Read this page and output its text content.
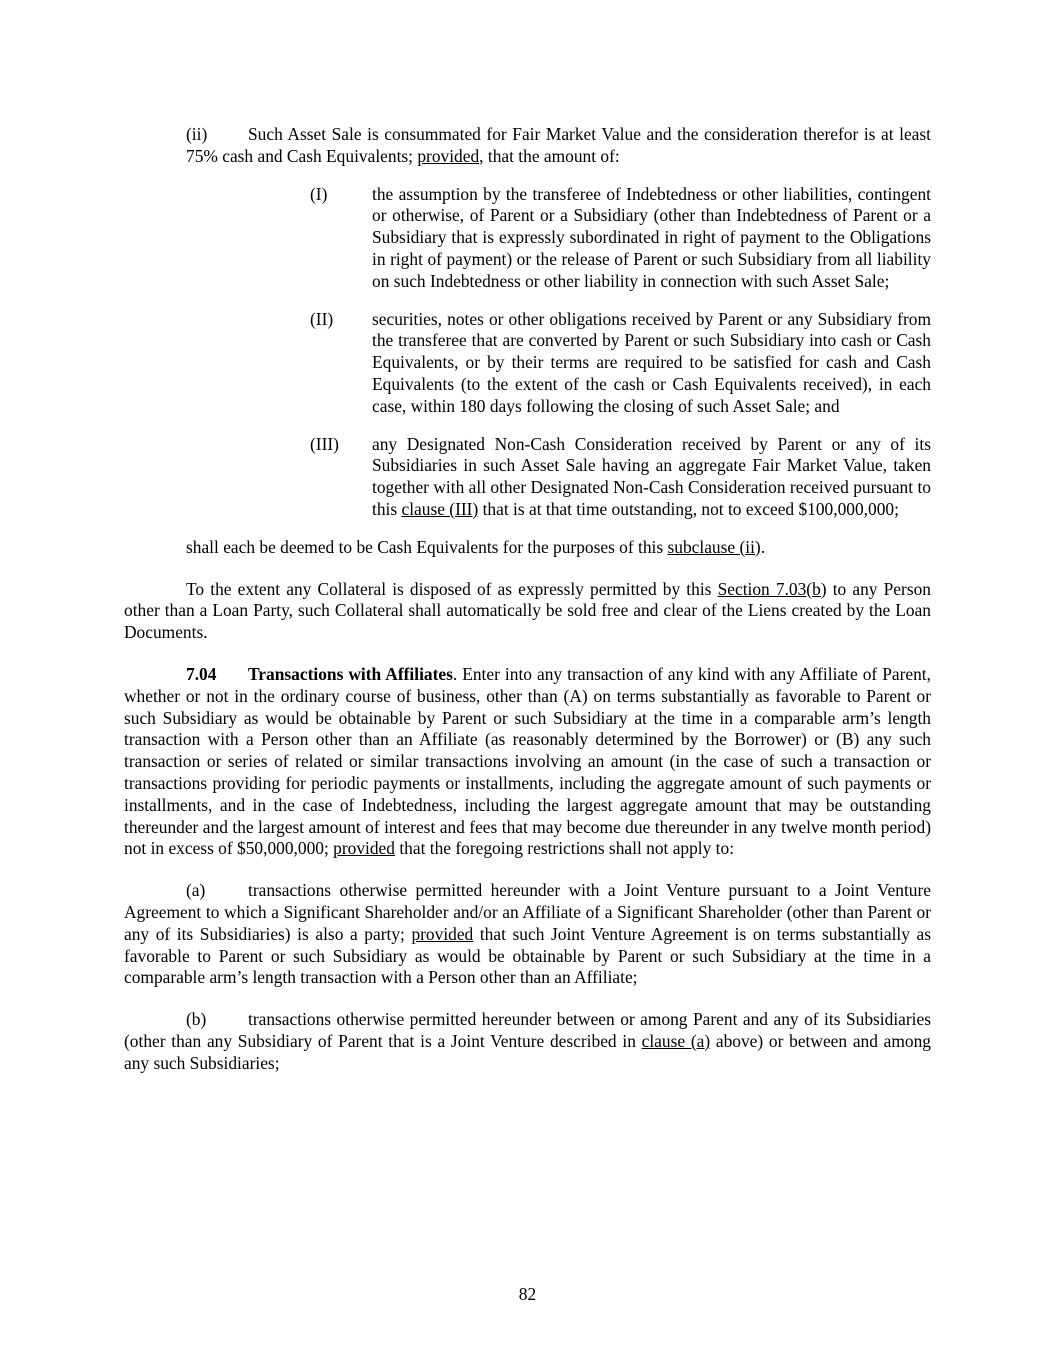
(ii) Such Asset Sale is consummated for Fair Market Value and the consideration therefor is at least 75% cash and Cash Equivalents; provided, that the amount of:

(I)	the assumption by the transferee of Indebtedness or other liabilities, contingent or otherwise, of Parent or a Subsidiary (other than Indebtedness of Parent or a Subsidiary that is expressly subordinated in right of payment to the Obligations in right of payment) or the release of Parent or such Subsidiary from all liability on such Indebtedness or other liability in connection with such Asset Sale;

(II) securities, notes or other obligations received by Parent or any Subsidiary from the transferee that are converted by Parent or such Subsidiary into cash or Cash Equivalents, or by their terms are required to be satisfied for cash and Cash Equivalents (to the extent of the cash or Cash Equivalents received), in each case, within 180 days following the closing of such Asset Sale; and

(III) any Designated Non-Cash Consideration received by Parent or any of its Subsidiaries in such Asset Sale having an aggregate Fair Market Value, taken together with all other Designated Non-Cash Consideration received pursuant to this clause (III) that is at that time outstanding, not to exceed $100,000,000;

shall each be deemed to be Cash Equivalents for the purposes of this subclause (ii).

To the extent any Collateral is disposed of as expressly permitted by this Section 7.03(b) to any Person other than a Loan Party, such Collateral shall automatically be sold free and clear of the Liens created by the Loan Documents.

7.04 Transactions with Affiliates. Enter into any transaction of any kind with any Affiliate of Parent, whether or not in the ordinary course of business, other than (A) on terms substantially as favorable to Parent or such Subsidiary as would be obtainable by Parent or such Subsidiary at the time in a comparable arm’s length transaction with a Person other than an Affiliate (as reasonably determined by the Borrower) or (B) any such transaction or series of related or similar transactions involving an amount (in the case of such a transaction or transactions providing for periodic payments or installments, including the aggregate amount of such payments or installments, and in the case of Indebtedness, including the largest aggregate amount that may be outstanding thereunder and the largest amount of interest and fees that may become due thereunder in any twelve month period) not in excess of $50,000,000; provided that the foregoing restrictions shall not apply to:

(a) transactions otherwise permitted hereunder with a Joint Venture pursuant to a Joint Venture Agreement to which a Significant Shareholder and/or an Affiliate of a Significant Shareholder (other than Parent or any of its Subsidiaries) is also a party; provided that such Joint Venture Agreement is on terms substantially as favorable to Parent or such Subsidiary as would be obtainable by Parent or such Subsidiary at the time in a comparable arm’s length transaction with a Person other than an Affiliate;

(b) transactions otherwise permitted hereunder between or among Parent and any of its Subsidiaries (other than any Subsidiary of Parent that is a Joint Venture described in clause (a) above) or between and among any such Subsidiaries;

82
